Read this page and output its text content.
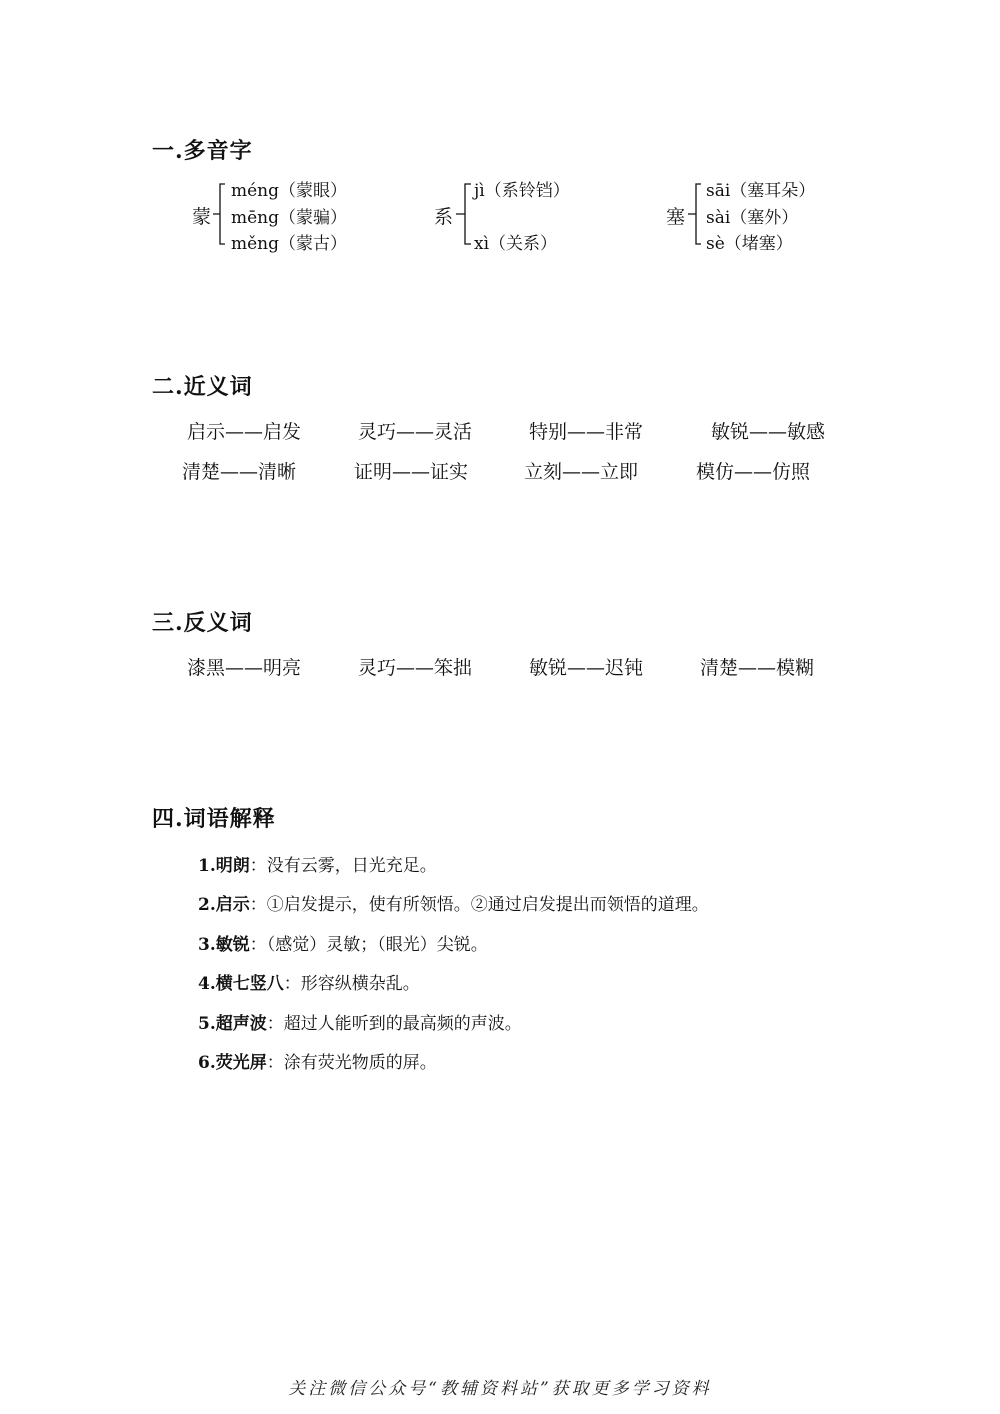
一.多音字
蒙
méng（蒙眼）
mēng（蒙骗）
měng（蒙古）
系
jì（系铃铛）
xì（关系）
塞
sāi（塞耳朵）
sài（塞外）
sè（堵塞）
二.近义词
启示——启发	灵巧——灵活	特别——非常	敏锐——敏感
清楚——清晰	证明——证实	立刻——立即	模仿——仿照
三.反义词
漆黑——明亮	灵巧——笨拙	敏锐——迟钝	清楚——模糊
四.词语解释
1.明朗：没有云雾，日光充足。
2.启示：①启发提示，使有所领悟。②通过启发提出而领悟的道理。
3.敏锐：（感觉）灵敏；（眼光）尖锐。
4.横七竖八：形容纵横杂乱。
5.超声波：超过人能听到的最高频的声波。
6.荧光屏：涂有荧光物质的屏。
关注微信公众号“教辅资料站”获取更多学习资料
